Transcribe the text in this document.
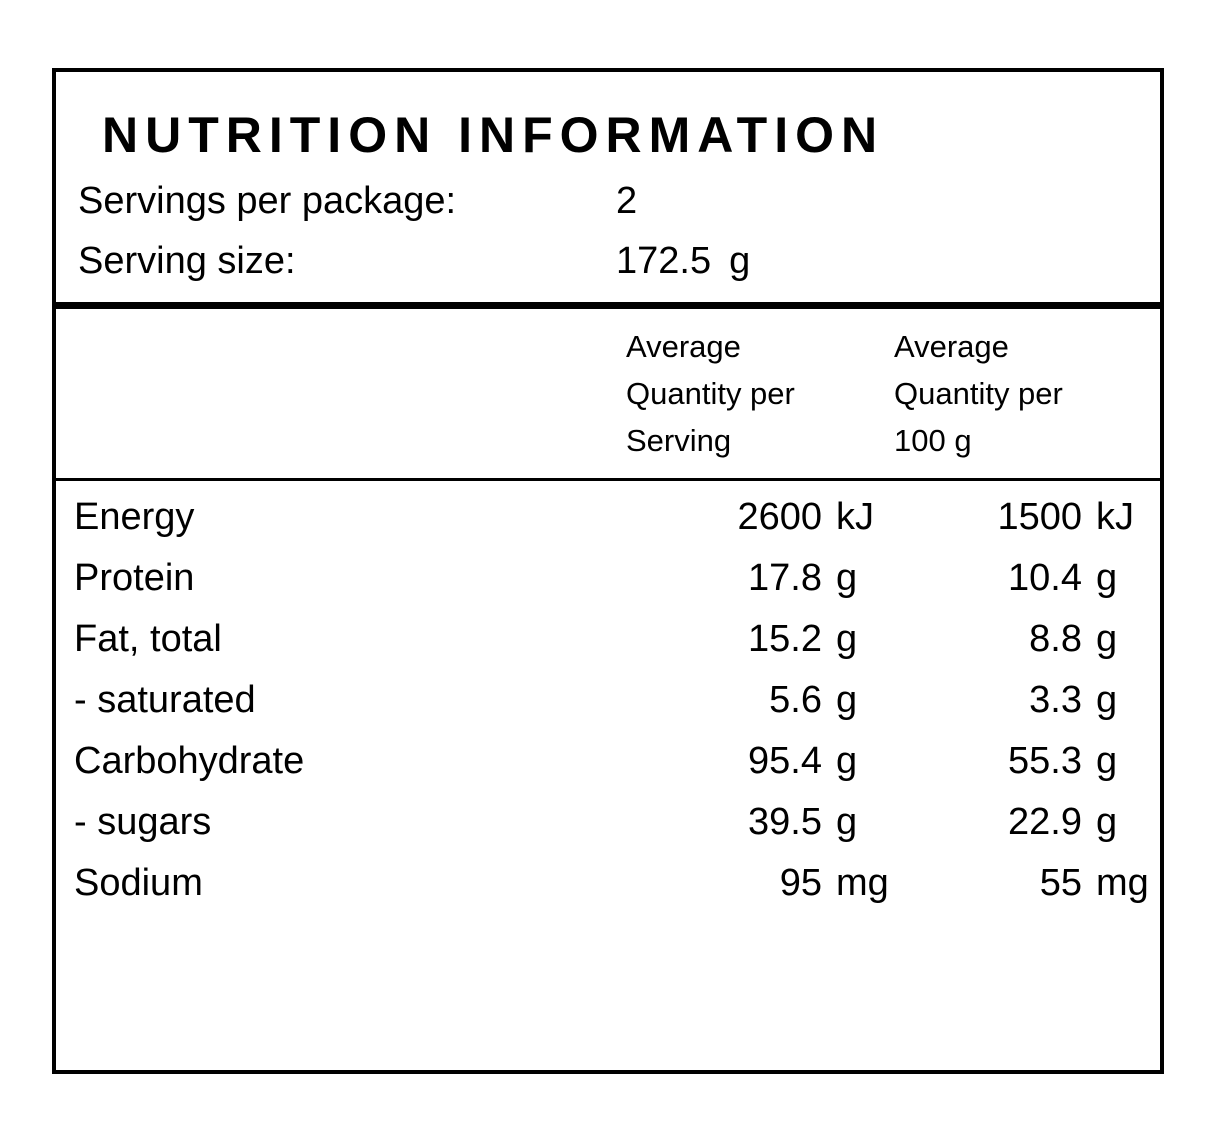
NUTRITION INFORMATION
Servings per package:	2
Serving size:	172.5 g
Average
Quantity per
Serving
Average
Quantity per
100 g
Energy	2600 kJ	1500 kJ
Protein	17.8 g	10.4 g
Fat, total	15.2 g	8.8 g
- saturated	5.6 g	3.3 g
Carbohydrate	95.4 g	55.3 g
- sugars	39.5 g	22.9 g
Sodium	95 mg	55 mg
